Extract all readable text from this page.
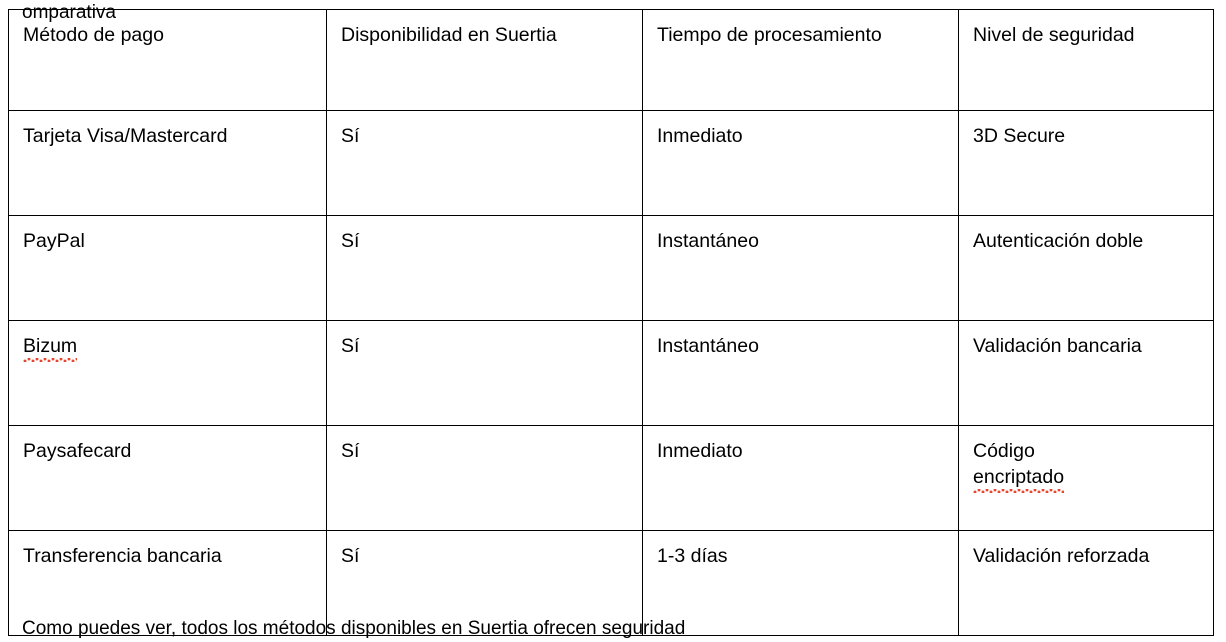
omparativa
Método de pago	Disponibilidad en Suertia	Tiempo de procesamiento	Nivel de seguridad
Tarjeta Visa/Mastercard	Sí	Inmediato	3D Secure
PayPal	Sí	Instantáneo	Autenticación doble
Bizum	Sí	Instantáneo	Validación bancaria
Paysafecard	Sí	Inmediato	Código
encriptado
Transferencia bancaria	Sí	1-3 días	Validación reforzada
Como puedes ver, todos los métodos disponibles en Suertia ofrecen seguridad
